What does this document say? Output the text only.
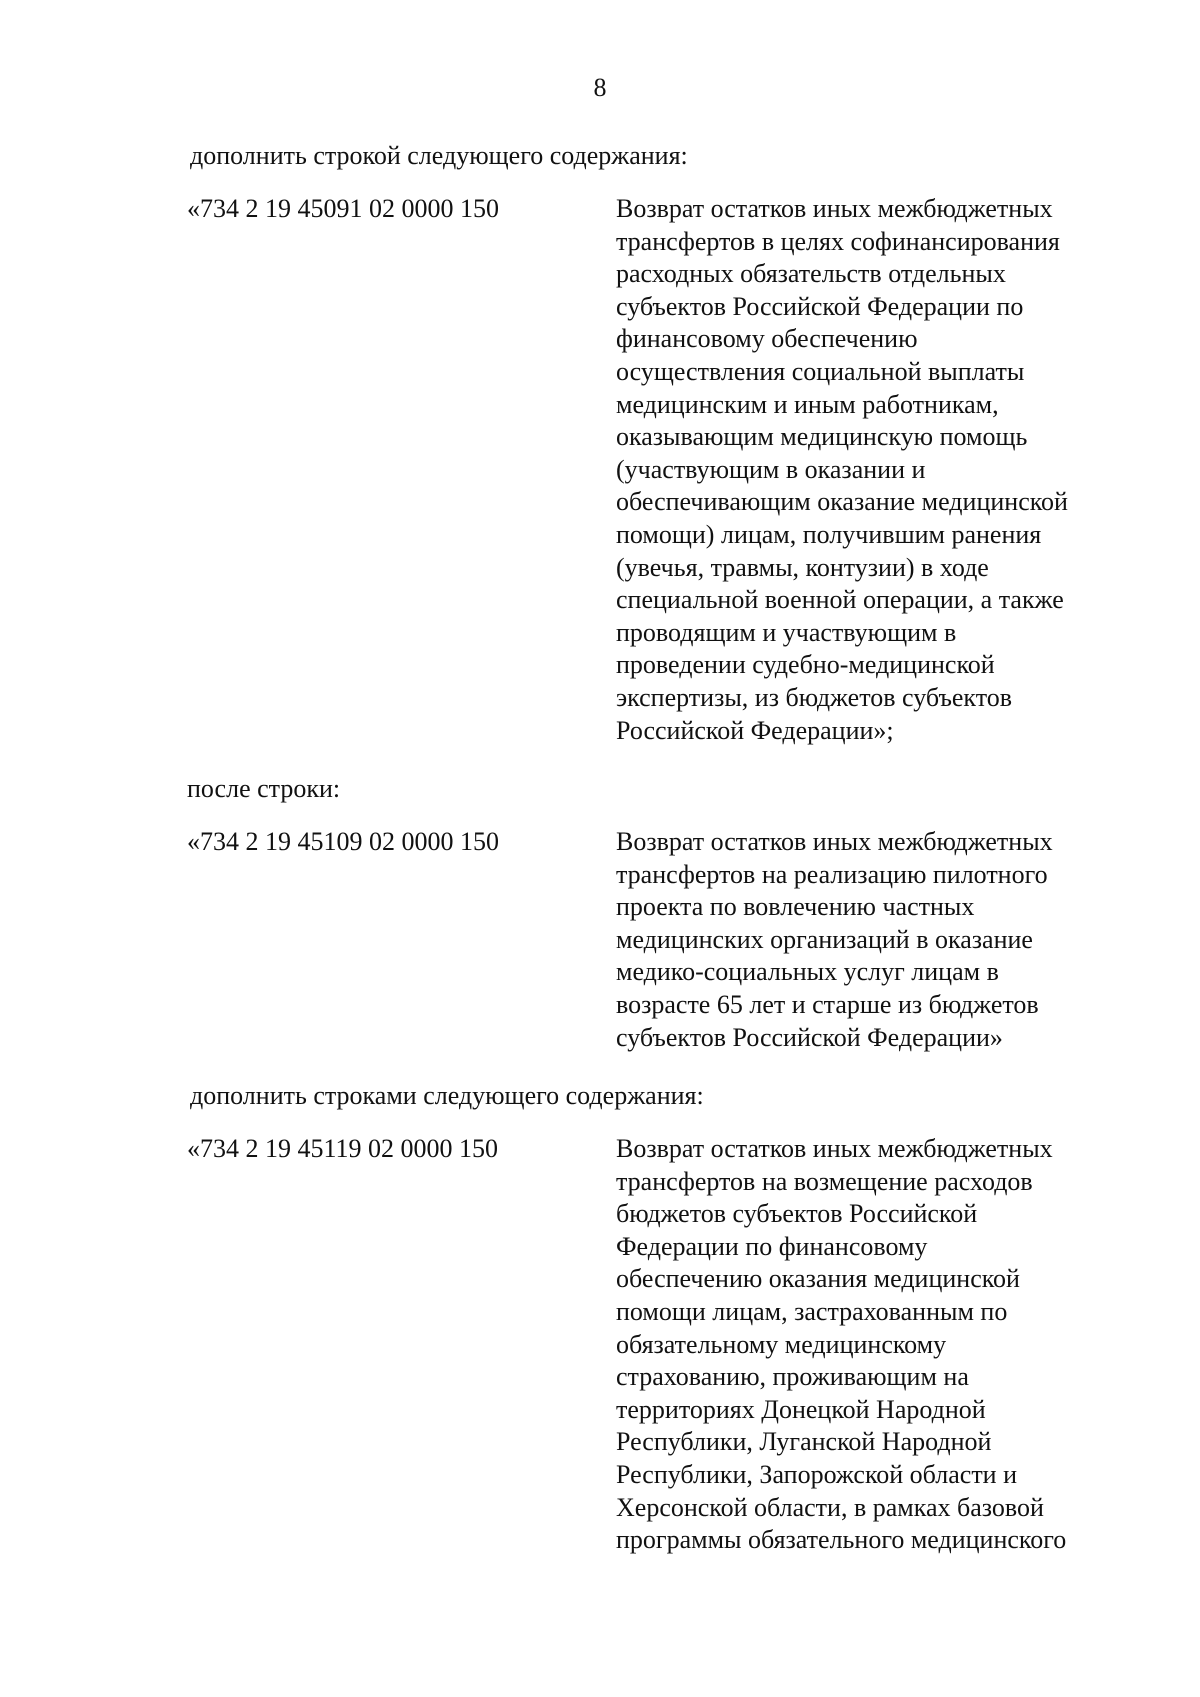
8
дополнить строкой следующего содержания:
«734 2 19 45091 02 0000 150	Возврат остатков иных межбюджетных
трансфертов в целях софинансирования
расходных обязательств отдельных
субъектов Российской Федерации по
финансовому обеспечению
осуществления социальной выплаты
медицинским и иным работникам,
оказывающим медицинскую помощь
(участвующим в оказании и
обеспечивающим оказание медицинской
помощи) лицам, получившим ранения
(увечья, травмы, контузии) в ходе
специальной военной операции, а также
проводящим и участвующим в
проведении судебно-медицинской
экспертизы, из бюджетов субъектов
Российской Федерации»;
после строки:
«734 2 19 45109 02 0000 150	Возврат остатков иных межбюджетных
трансфертов на реализацию пилотного
проекта по вовлечению частных
медицинских организаций в оказание
медико-социальных услуг лицам в
возрасте 65 лет и старше из бюджетов
субъектов Российской Федерации»
дополнить строками следующего содержания:
«734 2 19 45119 02 0000 150	Возврат остатков иных межбюджетных
трансфертов на возмещение расходов
бюджетов субъектов Российской
Федерации по финансовому
обеспечению оказания медицинской
помощи лицам, застрахованным по
обязательному медицинскому
страхованию, проживающим на
территориях Донецкой Народной
Республики, Луганской Народной
Республики, Запорожской области и
Херсонской области, в рамках базовой
программы обязательного медицинского
